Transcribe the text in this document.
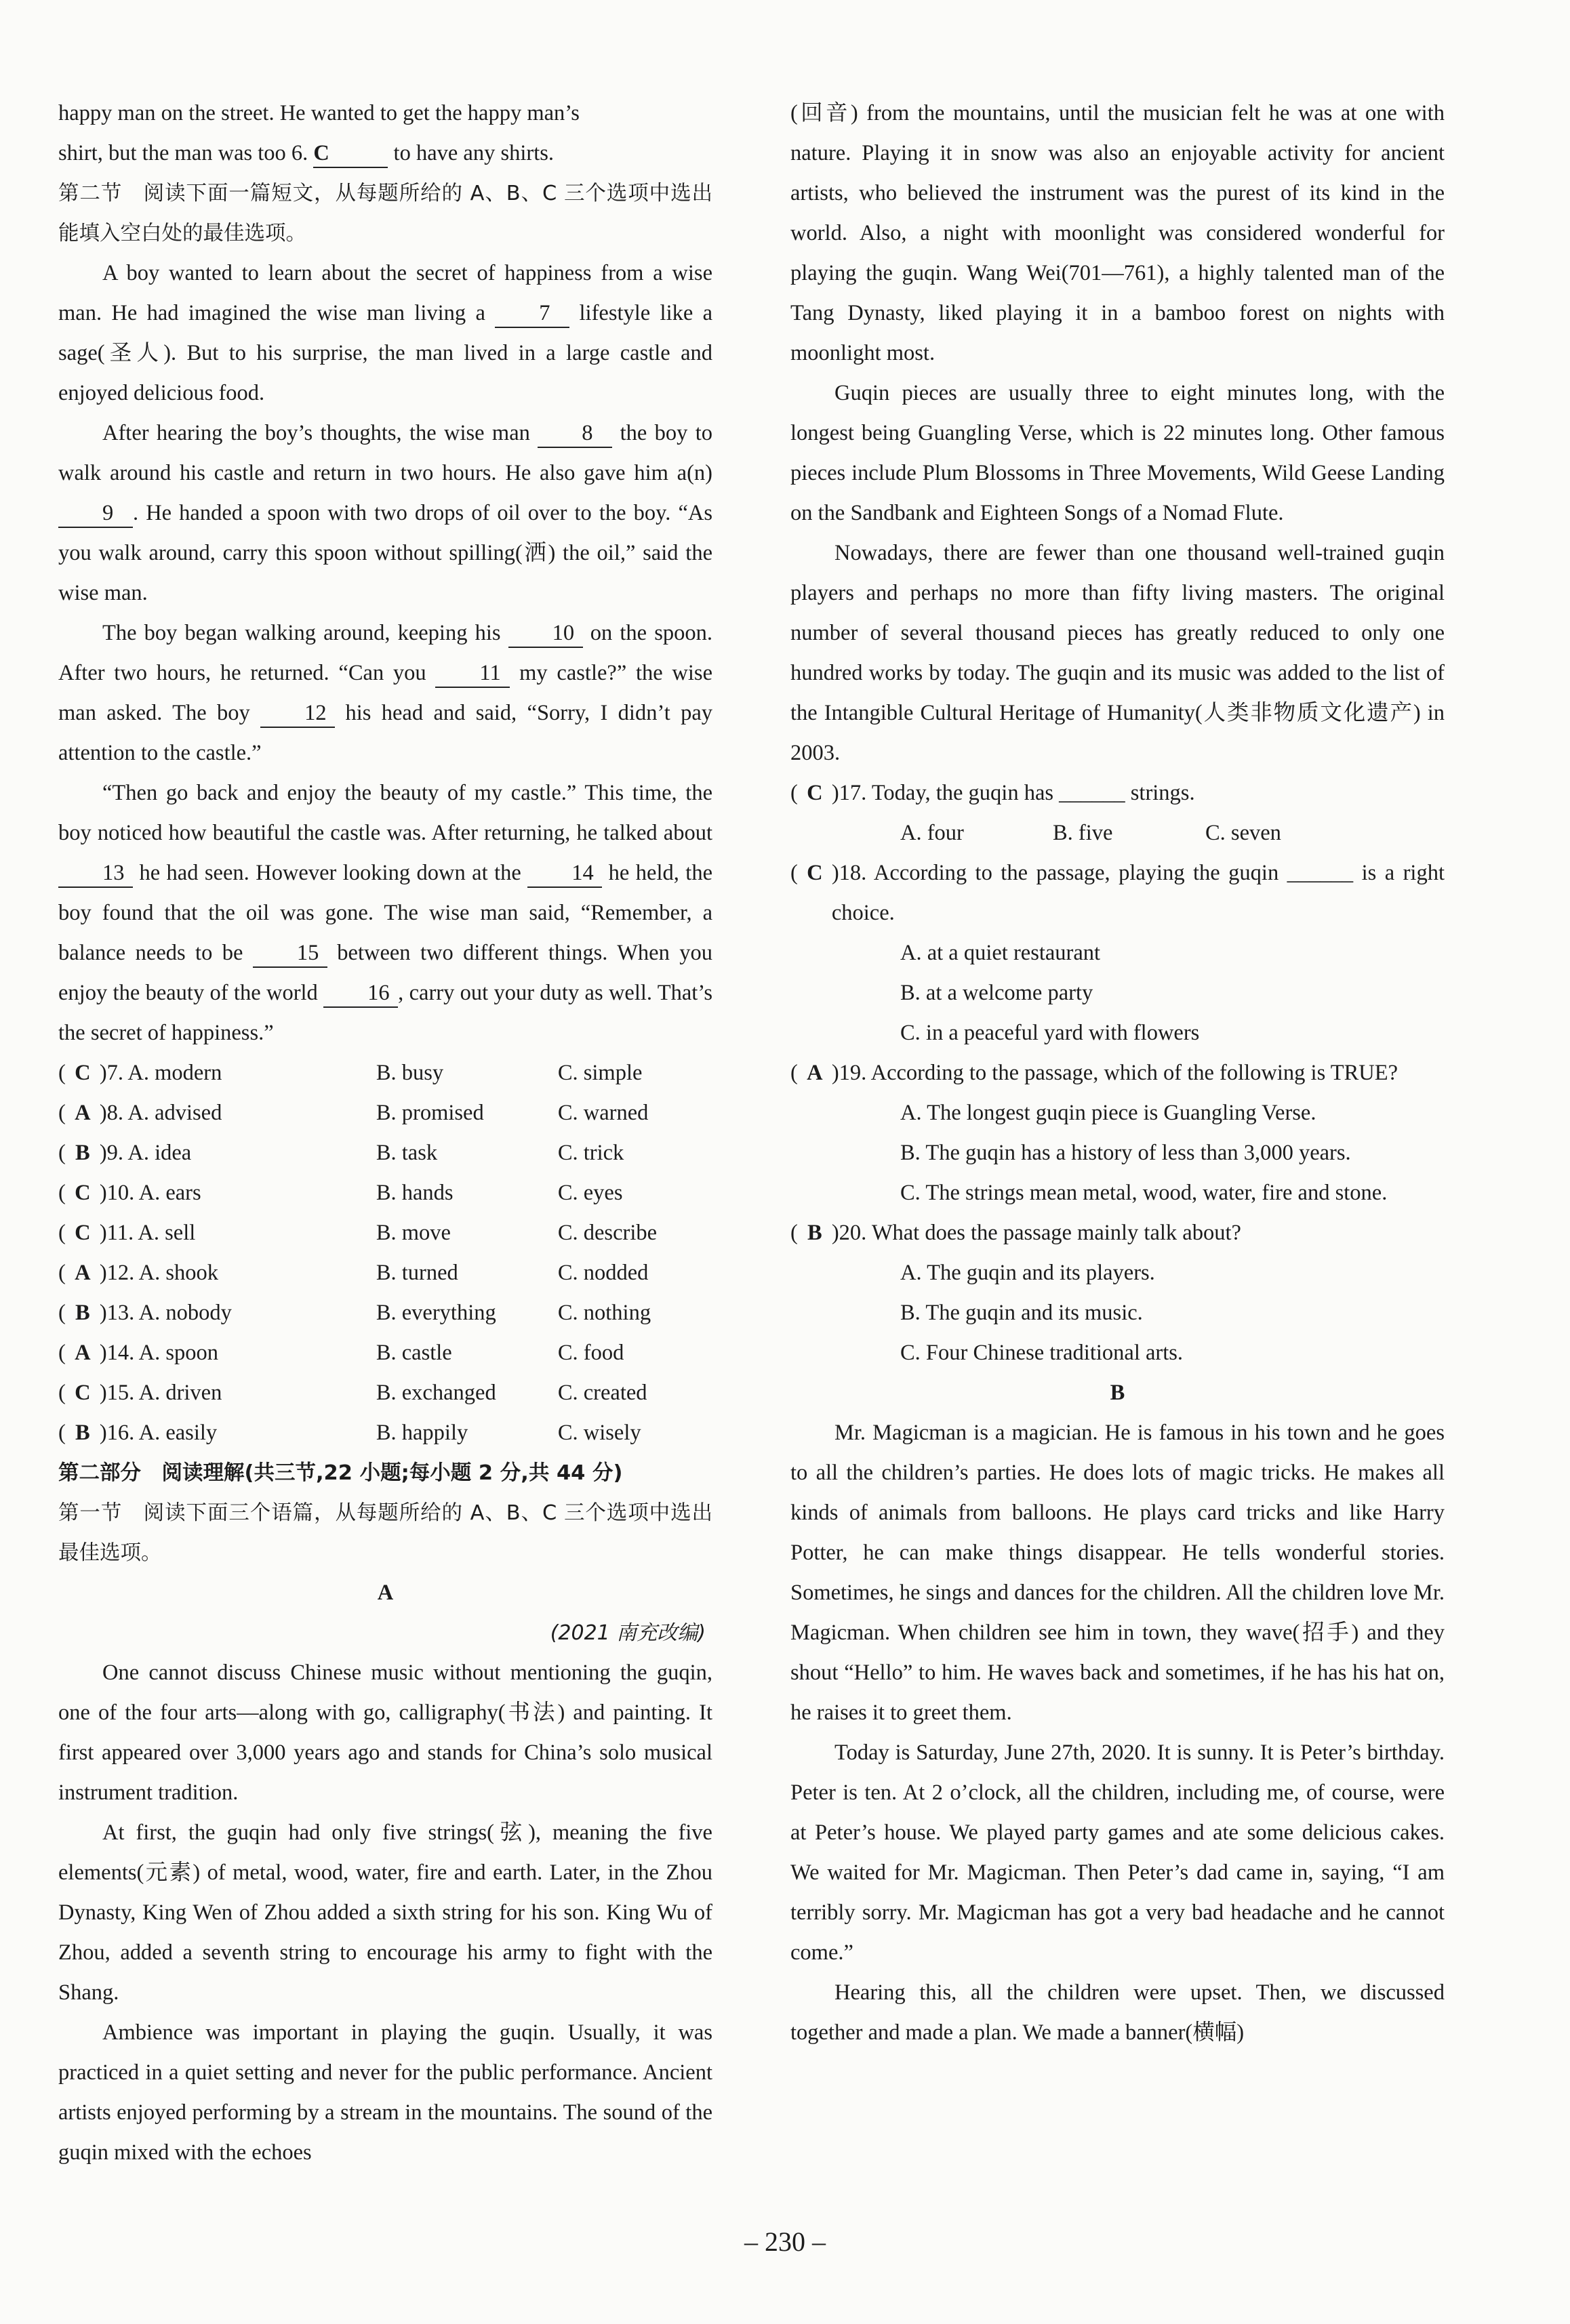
happy man on the street. He wanted to get the happy man’s

shirt, but the man was too 6. C	to have any shirts.

第二节　阅读下面一篇短文，从每题所给的 A、B、C 三个选项中选出能填入空白处的最佳选项。

A boy wanted to learn about the secret of happiness from a wise man. He had imagined the wise man living a 7 lifestyle like a sage(圣人). But to his surprise, the man lived in a large castle and enjoyed delicious food.

After hearing the boy’s thoughts, the wise man 8 the boy to walk around his castle and return in two hours. He also gave him a(n) 9 . He handed a spoon with two drops of oil over to the boy. “As you walk around, carry this spoon without spilling(洒) the oil,” said the wise man.

The boy began walking around, keeping his 10 on the spoon. After two hours, he returned. “Can you 11 my castle?” the wise man asked. The boy 12 his head and said, “Sorry, I didn’t pay attention to the castle.”

“Then go back and enjoy the beauty of my castle.” This time, the boy noticed how beautiful the castle was. After returning, he talked about 13 he had seen. However looking down at the 14 he held, the boy found that the oil was gone. The wise man said, “Remember, a balance needs to be 15 between two different things. When you enjoy the beauty of the world 16 , carry out your duty as well. That’s the secret of happiness.”

( C )7. A. modern	B. busy	C. simple
( A )8. A. advised	B. promised	C. warned
( B )9. A. idea	B. task	C. trick
( C )10. A. ears	B. hands	C. eyes
( C )11. A. sell	B. move	C. describe
( A )12. A. shook	B. turned	C. nodded
( B )13. A. nobody	B. everything	C. nothing
( A )14. A. spoon	B. castle	C. food
( C )15. A. driven	B. exchanged	C. created
( B )16. A. easily	B. happily	C. wisely

第二部分　阅读理解(共三节,22 小题;每小题 2 分,共 44 分)

第一节　阅读下面三个语篇，从每题所给的 A、B、C 三个选项中选出最佳选项。

A

(2021 南充改编)

One cannot discuss Chinese music without mentioning the guqin, one of the four arts—along with go, calligraphy(书法) and painting. It first appeared over 3,000 years ago and stands for China’s solo musical instrument tradition.

At first, the guqin had only five strings(弦), meaning the five elements(元素) of metal, wood, water, fire and earth. Later, in the Zhou Dynasty, King Wen of Zhou added a sixth string for his son. King Wu of Zhou, added a seventh string to encourage his army to fight with the Shang.

Ambience was important in playing the guqin. Usually, it was practiced in a quiet setting and never for the public performance. Ancient artists enjoyed performing by a stream in the mountains. The sound of the guqin mixed with the echoes

(回音) from the mountains, until the musician felt he was at one with nature. Playing it in snow was also an enjoyable activity for ancient artists, who believed the instrument was the purest of its kind in the world. Also, a night with moonlight was considered wonderful for playing the guqin. Wang Wei(701—761), a highly talented man of the Tang Dynasty, liked playing it in a bamboo forest on nights with moonlight most.

Guqin pieces are usually three to eight minutes long, with the longest being Guangling Verse, which is 22 minutes long. Other famous pieces include Plum Blossoms in Three Movements, Wild Geese Landing on the Sandbank and Eighteen Songs of a Nomad Flute.

Nowadays, there are fewer than one thousand well-trained guqin players and perhaps no more than fifty living masters. The original number of several thousand pieces has greatly reduced to only one hundred works by today. The guqin and its music was added to the list of the Intangible Cultural Heritage of Humanity(人类非物质文化遗产) in 2003.

( C )17. Today, the guqin has ______ strings.
A. four	B. five	C. seven
( C )18. According to the passage, playing the guqin ______ is a right choice.
A. at a quiet restaurant
B. at a welcome party
C. in a peaceful yard with flowers
( A )19. According to the passage, which of the following is TRUE?
A. The longest guqin piece is Guangling Verse.
B. The guqin has a history of less than 3,000 years.
C. The strings mean metal, wood, water, fire and stone.
( B )20. What does the passage mainly talk about?
A. The guqin and its players.
B. The guqin and its music.
C. Four Chinese traditional arts.

B

Mr. Magicman is a magician. He is famous in his town and he goes to all the children’s parties. He does lots of magic tricks. He makes all kinds of animals from balloons. He plays card tricks and like Harry Potter, he can make things disappear. He tells wonderful stories. Sometimes, he sings and dances for the children. All the children love Mr. Magicman. When children see him in town, they wave(招手) and they shout “Hello” to him. He waves back and sometimes, if he has his hat on, he raises it to greet them.

Today is Saturday, June 27th, 2020. It is sunny. It is Peter’s birthday. Peter is ten. At 2 o’clock, all the children, including me, of course, were at Peter’s house. We played party games and ate some delicious cakes. We waited for Mr. Magicman. Then Peter’s dad came in, saying, “I am terribly sorry. Mr. Magicman has got a very bad headache and he cannot come.”

Hearing this, all the children were upset. Then, we discussed together and made a plan. We made a banner(横幅)

– 230 –
